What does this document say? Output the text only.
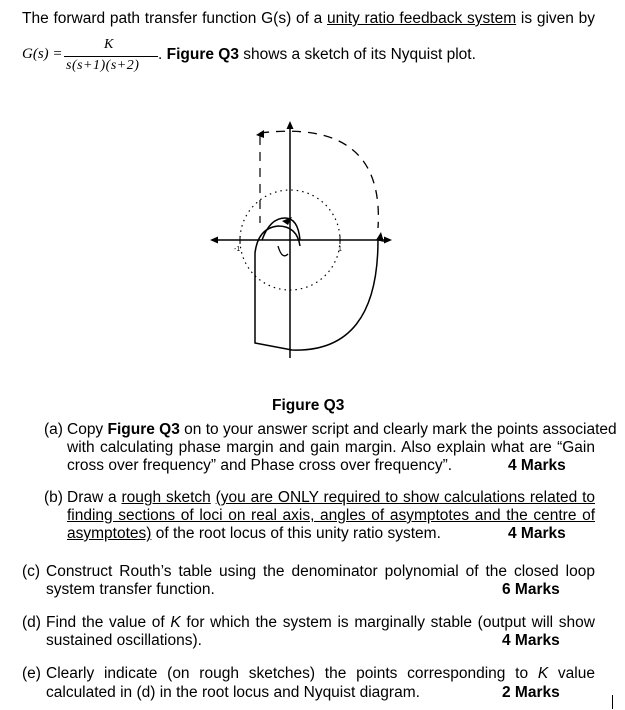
The forward path transfer function G(s) of a unity ratio feedback system is given by
G(s) =
K
s(s+1)(s+2)
. Figure Q3 shows a sketch of its Nyquist plot.
-1	1
Figure Q3
(a) Copy Figure Q3 on to your answer script and clearly mark the points associated
with calculating phase margin and gain margin. Also explain what are “Gain
cross over frequency” and Phase cross over frequency”.	4 Marks
(b) Draw a rough sketch (you are ONLY required to show calculations related to
finding sections of loci on real axis, angles of asymptotes and the centre of
asymptotes) of the root locus of this unity ratio system.	4 Marks
(c) Construct Routh’s table using the denominator polynomial of the closed loop
system transfer function.	6 Marks
(d) Find the value of K for which the system is marginally stable (output will show
sustained oscillations).	4 Marks
(e) Clearly indicate (on rough sketches) the points corresponding to K value
calculated in (d) in the root locus and Nyquist diagram.	2 Marks
